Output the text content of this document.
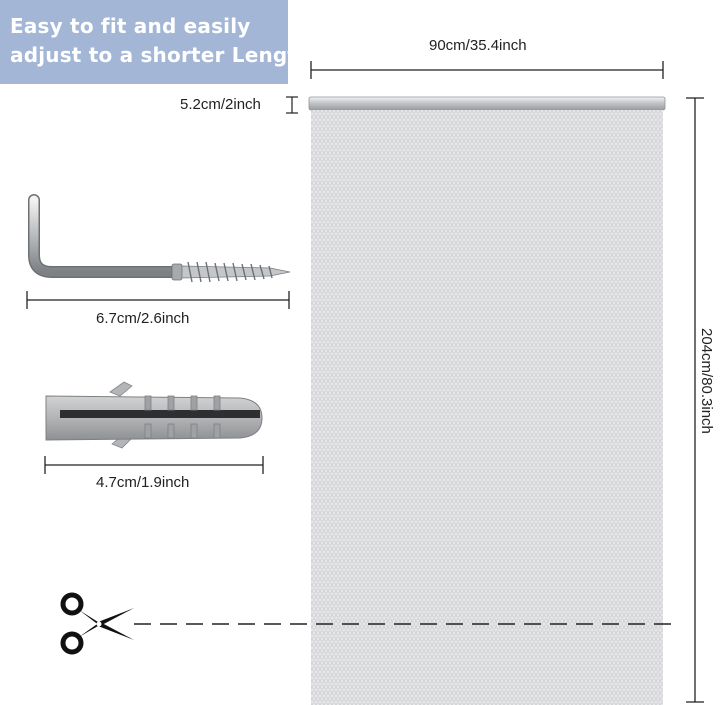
Easy to fit and easily
adjust to a shorter Length	90cm/35.4inch
5.2cm/2inch
6.7cm/2.6inch
4.7cm/1.9inch
204cm/80.3inch
